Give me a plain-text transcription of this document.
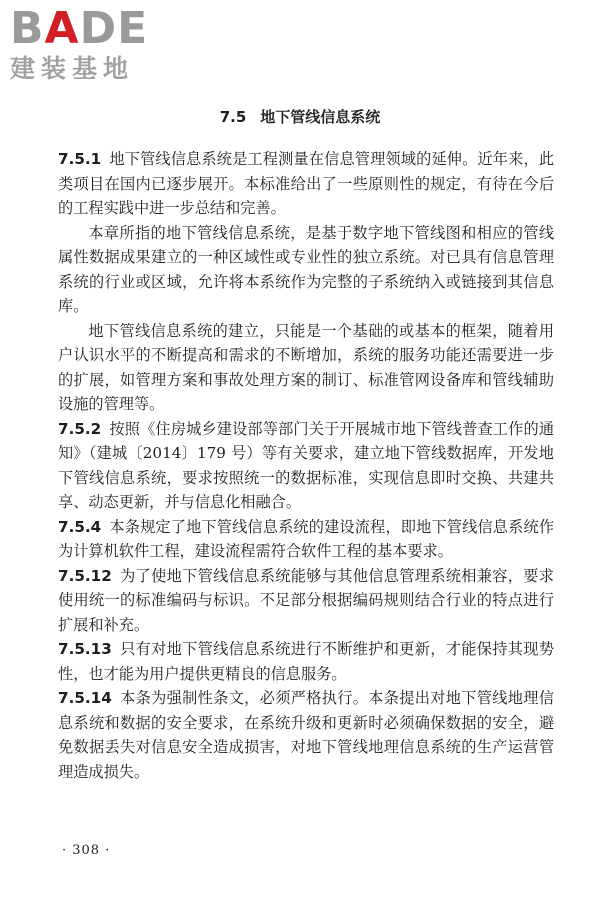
BADE
建装基地
7.5 地下管线信息系统

7.5.1 地下管线信息系统是工程测量在信息管理领域的延伸。近年来，此类项目在国内已逐步展开。本标准给出了一些原则性的规定，有待在今后的工程实践中进一步总结和完善。

本章所指的地下管线信息系统，是基于数字地下管线图和相应的管线属性数据成果建立的一种区域性或专业性的独立系统。对已具有信息管理系统的行业或区域，允许将本系统作为完整的子系统纳入或链接到其信息库。

地下管线信息系统的建立，只能是一个基础的或基本的框架，随着用户认识水平的不断提高和需求的不断增加，系统的服务功能还需要进一步的扩展，如管理方案和事故处理方案的制订、标准管网设备库和管线辅助设施的管理等。

7.5.2 按照《住房城乡建设部等部门关于开展城市地下管线普查工作的通知》（建城〔2014〕179 号）等有关要求，建立地下管线数据库，开发地下管线信息系统，要求按照统一的数据标准，实现信息即时交换、共建共享、动态更新，并与信息化相融合。

7.5.4 本条规定了地下管线信息系统的建设流程，即地下管线信息系统作为计算机软件工程，建设流程需符合软件工程的基本要求。

7.5.12 为了使地下管线信息系统能够与其他信息管理系统相兼容，要求使用统一的标准编码与标识。不足部分根据编码规则结合行业的特点进行扩展和补充。

7.5.13 只有对地下管线信息系统进行不断维护和更新，才能保持其现势性，也才能为用户提供更精良的信息服务。

7.5.14 本条为强制性条文，必须严格执行。本条提出对地下管线地理信息系统和数据的安全要求，在系统升级和更新时必须确保数据的安全，避免数据丢失对信息安全造成损害，对地下管线地理信息系统的生产运营管理造成损失。

· 308 ·
